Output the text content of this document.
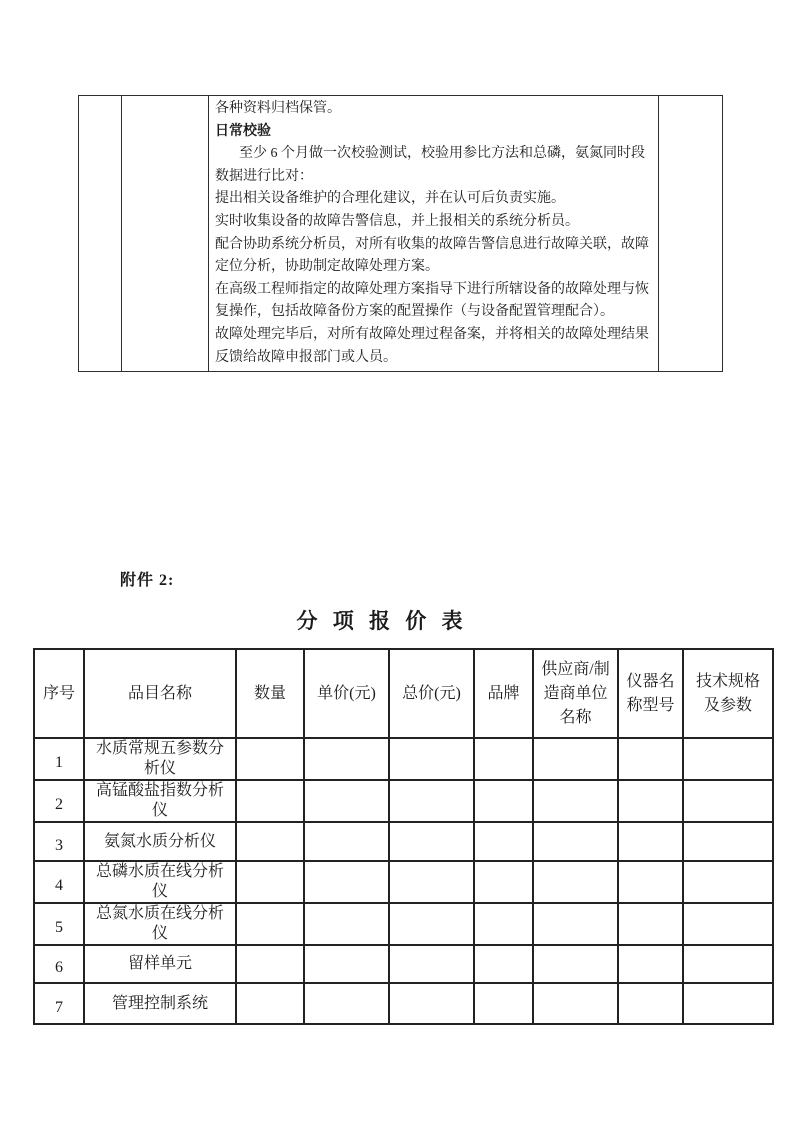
各种资料归档保管。

日常校验

至少 6 个月做一次校验测试，校验用参比方法和总磷，氨氮同时段数据进行比对：

提出相关设备维护的合理化建议，并在认可后负责实施。

实时收集设备的故障告警信息，并上报相关的系统分析员。

配合协助系统分析员，对所有收集的故障告警信息进行故障关联，故障定位分析，协助制定故障处理方案。

在高级工程师指定的故障处理方案指导下进行所辖设备的故障处理与恢复操作，包括故障备份方案的配置操作（与设备配置管理配合）。

故障处理完毕后，对所有故障处理过程备案，并将相关的故障处理结果反馈给故障申报部门或人员。

附件 2:
分 项 报 价 表
序号	品目名称	数量	单价(元)	总价(元)	品牌	供应商/制造商单位名称	仪器名称型号	技术规格及参数
1	水质常规五参数分析仪							
2	高锰酸盐指数分析仪							
3	氨氮水质分析仪							
4	总磷水质在线分析仪							
5	总氮水质在线分析仪							
6	留样单元							
7	管理控制系统							
